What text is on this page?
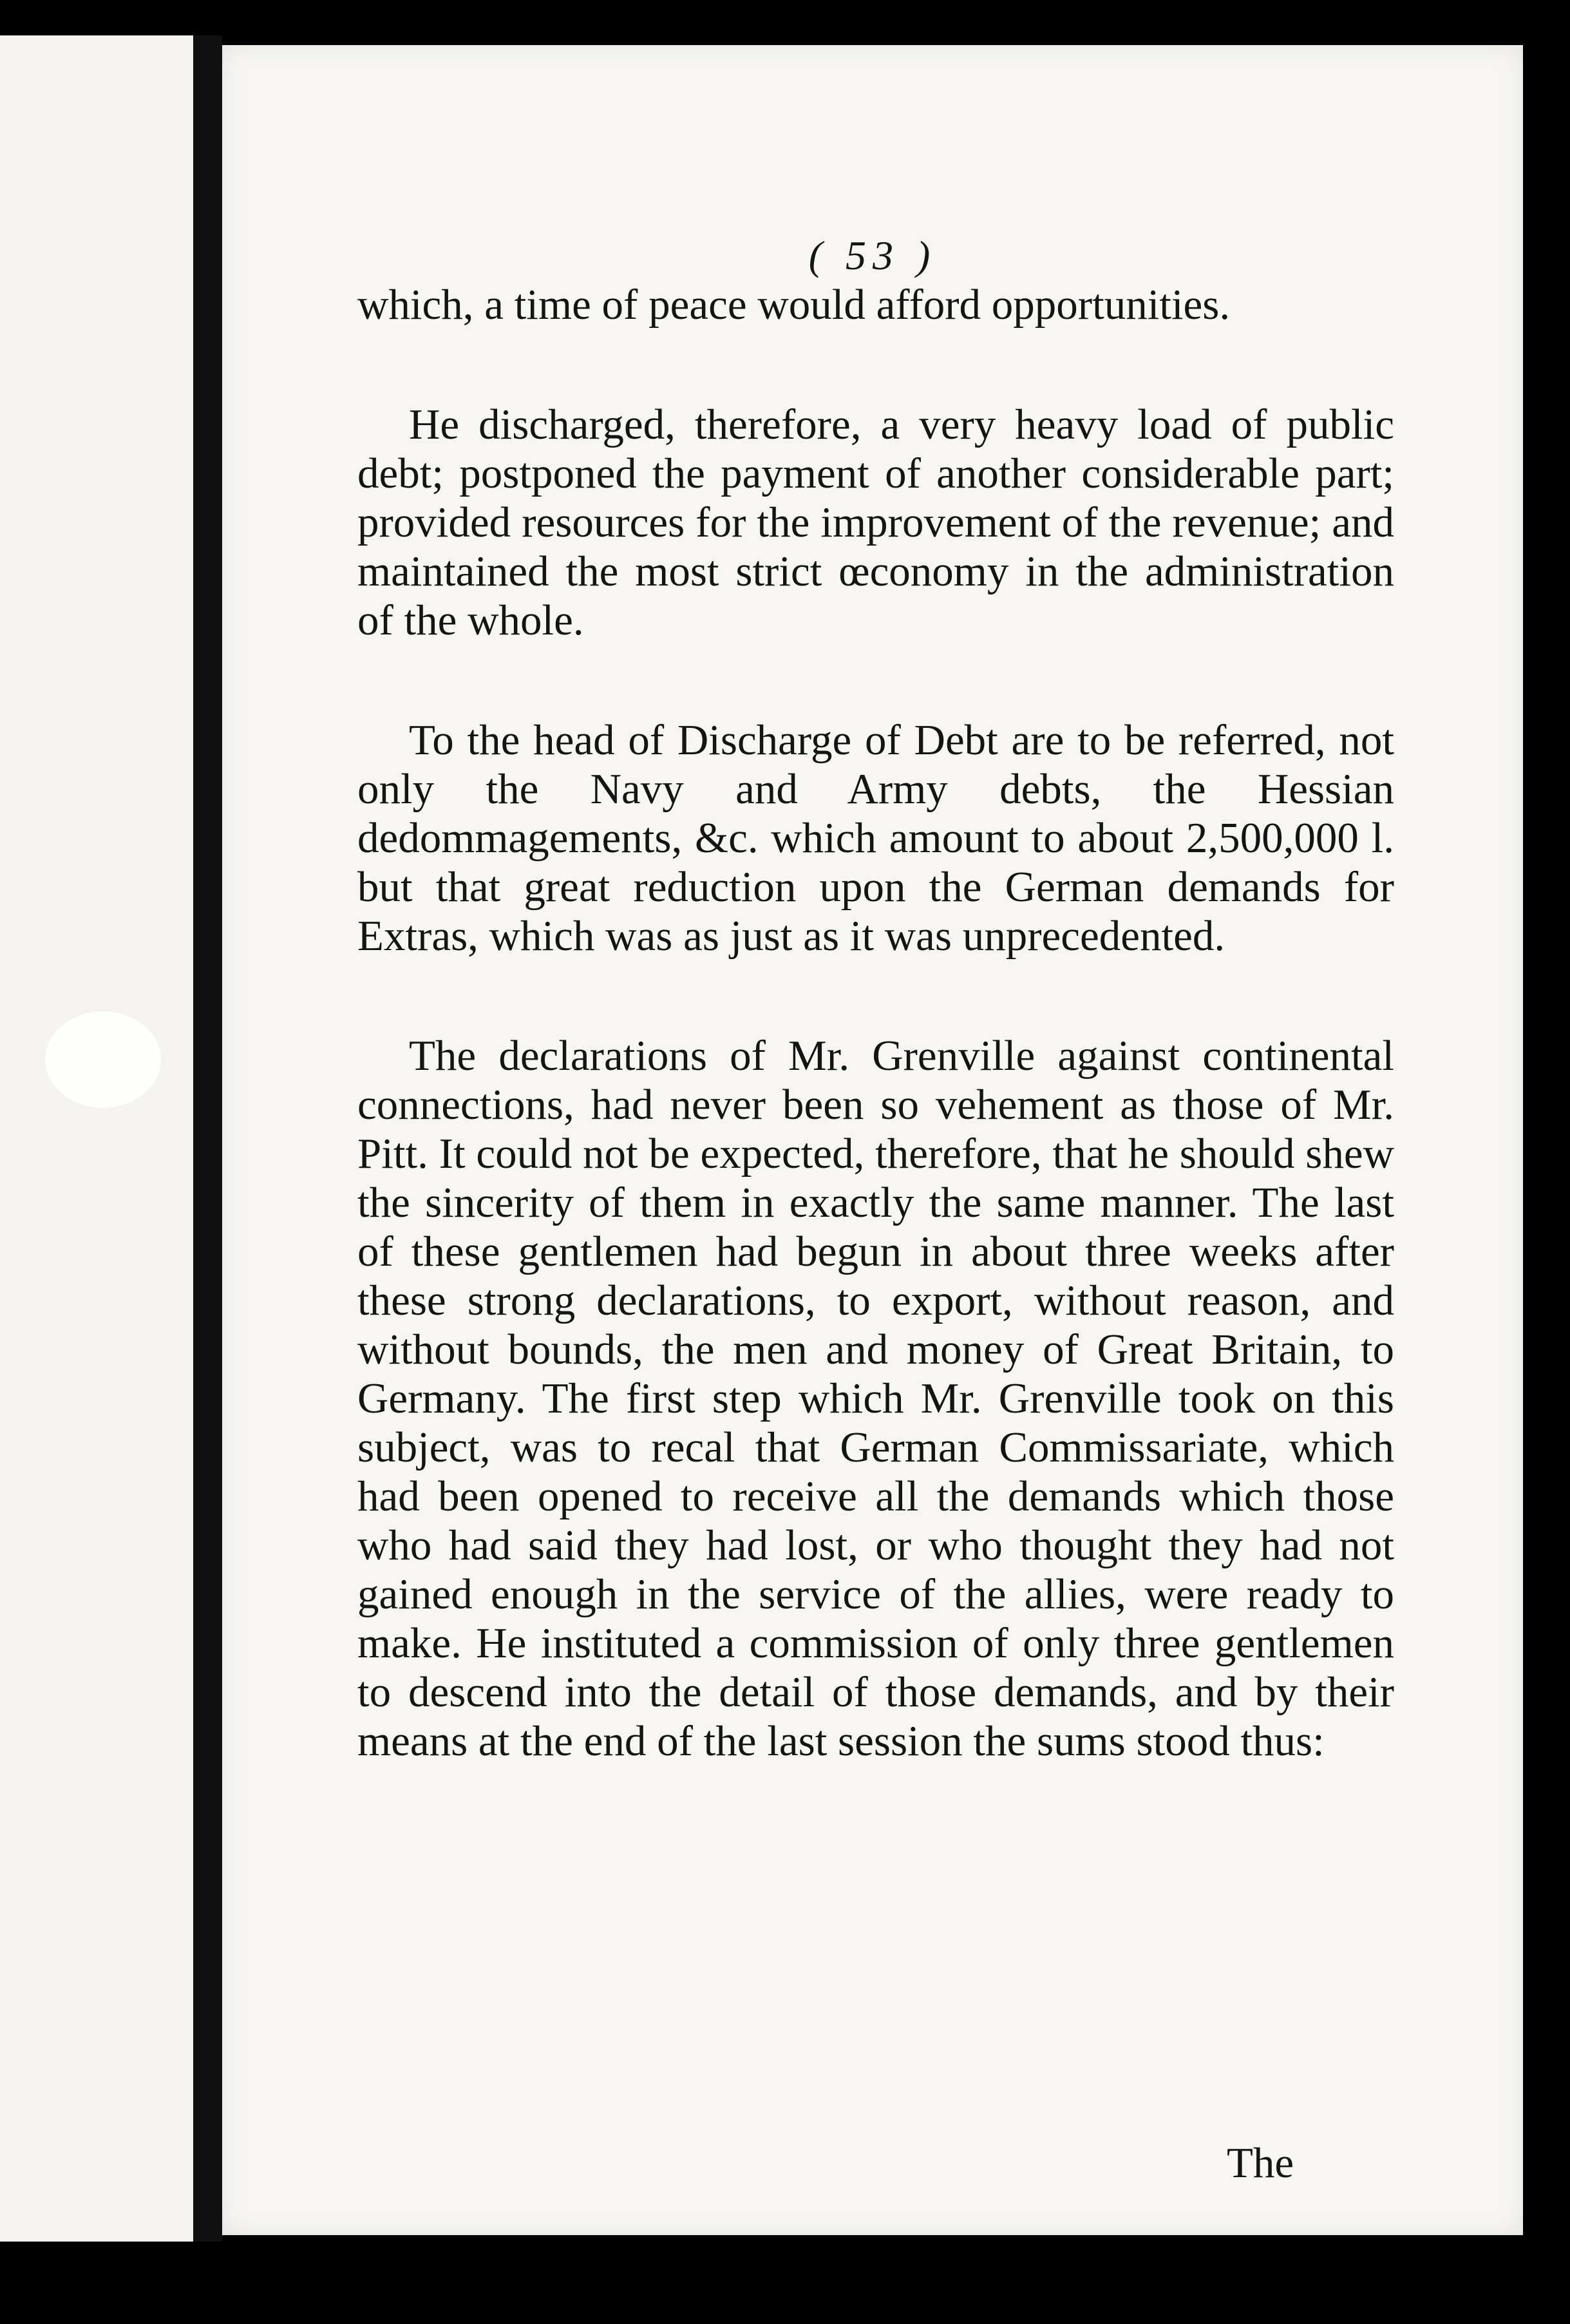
( 53 )

which, a time of peace would afford opportunities.

He discharged, therefore, a very heavy load of public debt; postponed the payment of another considerable part; provided resources for the improvement of the revenue; and maintained the most strict œconomy in the administration of the whole.

To the head of Discharge of Debt are to be referred, not only the Navy and Army debts, the Hessian dedommagements, &c. which amount to about 2,500,000 l. but that great reduction upon the German demands for Extras, which was as just as it was unprecedented.

The declarations of Mr. Grenville against continental connections, had never been so vehement as those of Mr. Pitt. It could not be expected, therefore, that he should shew the sincerity of them in exactly the same manner. The last of these gentlemen had begun in about three weeks after these strong declarations, to export, without reason, and without bounds, the men and money of Great Britain, to Germany. The first step which Mr. Grenville took on this subject, was to recal that German Commissariate, which had been opened to receive all the demands which those who had said they had lost, or who thought they had not gained enough in the service of the allies, were ready to make. He instituted a commission of only three gentlemen to descend into the detail of those demands, and by their means at the end of the last session the sums stood thus:

The
